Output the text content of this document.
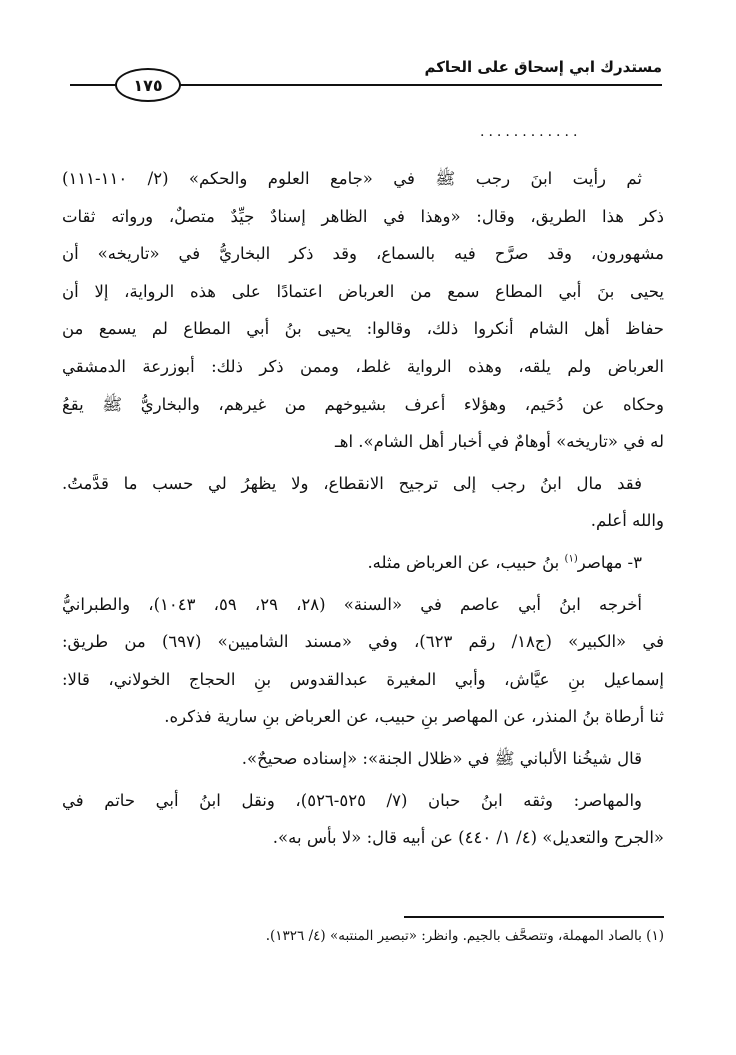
مستدرك ابي إسحاق على الحاكم
١٧٥
............
ثم رأيت ابنَ رجب ﷺ في «جامع العلوم والحكم» (٢/ ١١٠-١١١)
ذكر هذا الطريق، وقال: «وهذا في الظاهر إسنادٌ جيِّدٌ متصلٌ، ورواته ثقات
مشهورون، وقد صرَّح فيه بالسماع، وقد ذكر البخاريُّ في «تاريخه» أن
يحيى بنَ أبي المطاع سمع من العرباض اعتمادًا على هذه الرواية، إلا أن
حفاظ أهل الشام أنكروا ذلك، وقالوا: يحيى بنُ أبي المطاع لم يسمع من
العرباض ولم يلقه، وهذه الرواية غلط، وممن ذكر ذلك: أبوزرعة الدمشقي
وحكاه عن دُحَيم، وهؤلاء أعرف بشيوخهم من غيرهم، والبخاريُّ ﷺ يقعُ
له في «تاريخه» أوهامٌ في أخبار أهل الشام». اهـ
فقد مال ابنُ رجب إلى ترجيح الانقطاع، ولا يظهرُ لي حسب ما قدَّمتُ.
والله أعلم.
٣- مهاصر$^{(١)}$ بنُ حبيب، عن العرباض مثله.
أخرجه ابنُ أبي عاصم في «السنة» (٢٨، ٢٩، ٥٩، ١٠٤٣)، والطبرانيُّ
في «الكبير» (ج١٨/ رقم ٦٢٣)، وفي «مسند الشاميين» (٦٩٧) من طريق:
إسماعيل بنِ عيَّاش، وأبي المغيرة عبدالقدوس بنِ الحجاج الخولاني، قالا:
ثنا أرطاة بنُ المنذر، عن المهاصر بنِ حبيب، عن العرباض بنِ سارية فذكره.
قال شيخُنا الألباني ﷺ في «ظلال الجنة»: «إسناده صحيحٌ».
والمهاصر: وثقه ابنُ حبان (٧/ ٥٢٥-٥٢٦)، ونقل ابنُ أبي حاتم في
«الجرح والتعديل» (٤/ ١/ ٤٤٠) عن أبيه قال: «لا بأس به».
(١) بالصاد المهملة، وتتصحَّف بالجيم. وانظر: «تبصير المنتبه» (٤/ ١٣٢٦).
